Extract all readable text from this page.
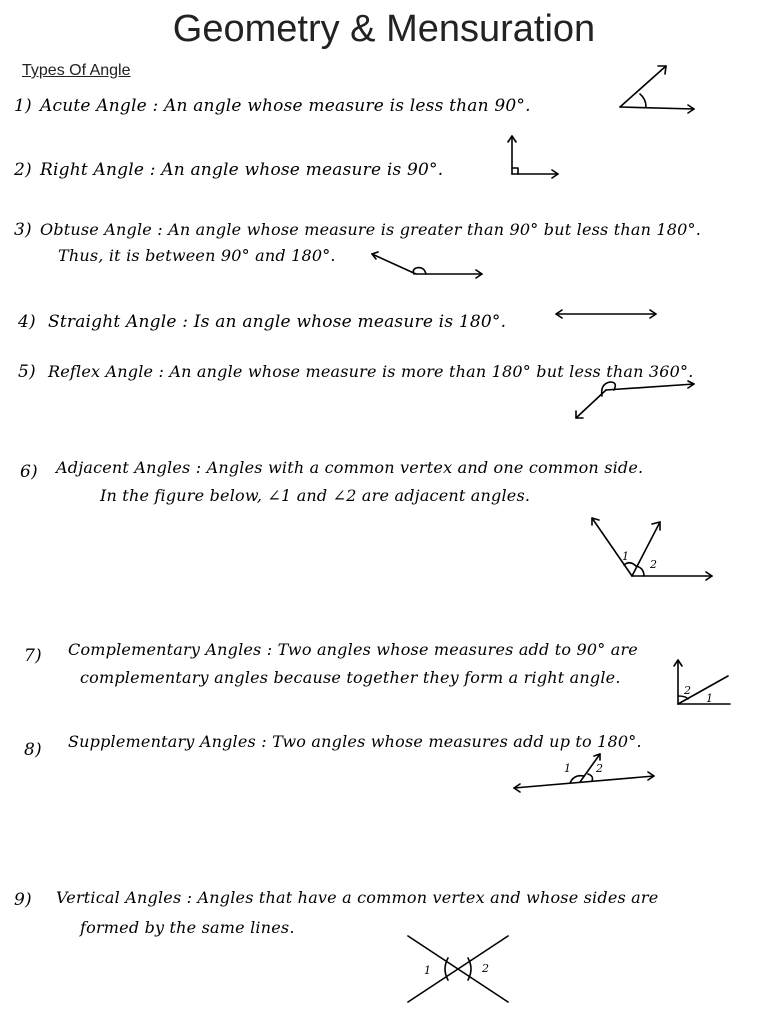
Geometry & Mensuration
Types Of Angle
1) Acute Angle : An angle whose measure is less than 90°.
2) Right Angle : An angle whose measure is 90°.
3) Obtuse Angle : An angle whose measure is greater than 90° but less than 180°.
Thus, it is between 90° and 180°.
4) Straight Angle : Is an angle whose measure is 180°.
5) Reflex Angle : An angle whose measure is more than 180° but less than 360°.
6) Adjacent Angles : Angles with a common vertex and one common side.
In the figure below, ∠1 and ∠2 are adjacent angles.
1
2
7) Complementary Angles : Two angles whose measures add to 90° are
complementary angles because together they form a right angle.
2
1
8) Supplementary Angles : Two angles whose measures add up to 180°.
1 2
9) Vertical Angles : Angles that have a common vertex and whose sides are
formed by the same lines.
1	2
